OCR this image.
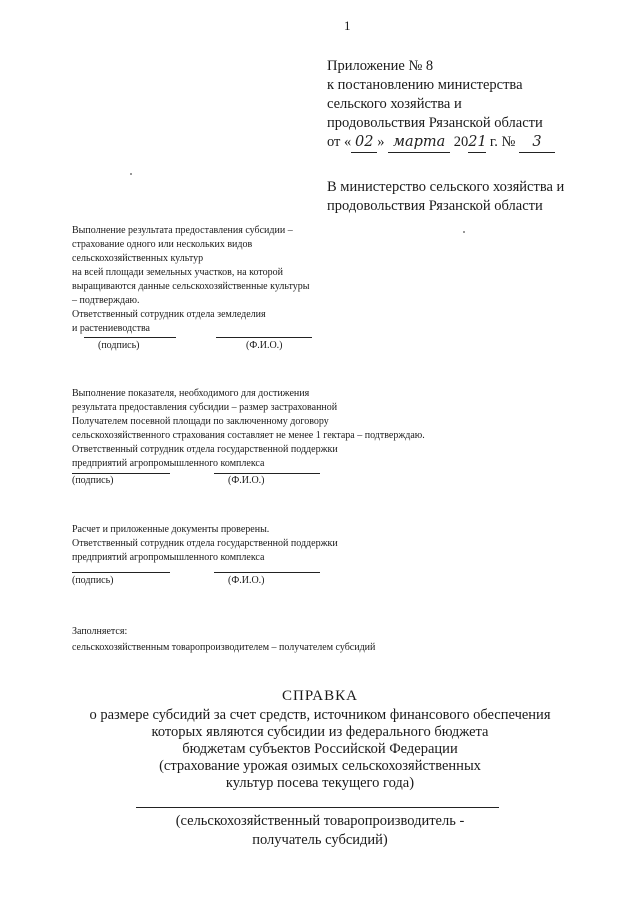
1
Приложение № 8
к постановлению министерства
сельского хозяйства и
продовольствия Рязанской области
от « 02 » марта 2021 г. № 3
В министерство сельского хозяйства и
продовольствия Рязанской области
Выполнение результата предоставления субсидии –
страхование одного или нескольких видов
сельскохозяйственных культур
на всей площади земельных участков, на которой
выращиваются данные сельскохозяйственные культуры
– подтверждаю.
Ответственный сотрудник отдела земледелия
и растениеводства
(подпись)	(Ф.И.О.)
Выполнение показателя, необходимого для достижения
результата предоставления субсидии – размер застрахованной
Получателем посевной площади по заключенному договору
сельскохозяйственного страхования составляет не менее 1 гектара – подтверждаю.
Ответственный сотрудник отдела государственной поддержки
предприятий агропромышленного комплекса
(подпись)	(Ф.И.О.)
Расчет и приложенные документы проверены.
Ответственный сотрудник отдела государственной поддержки
предприятий агропромышленного комплекса
(подпись)	(Ф.И.О.)
Заполняется:
сельскохозяйственным товаропроизводителем – получателем субсидий
СПРАВКА
о размере субсидий за счет средств, источником финансового обеспечения
которых являются субсидии из федерального бюджета
бюджетам субъектов Российской Федерации
(страхование урожая озимых сельскохозяйственных
культур посева текущего года)
(сельскохозяйственный товаропроизводитель -
получатель субсидий)
